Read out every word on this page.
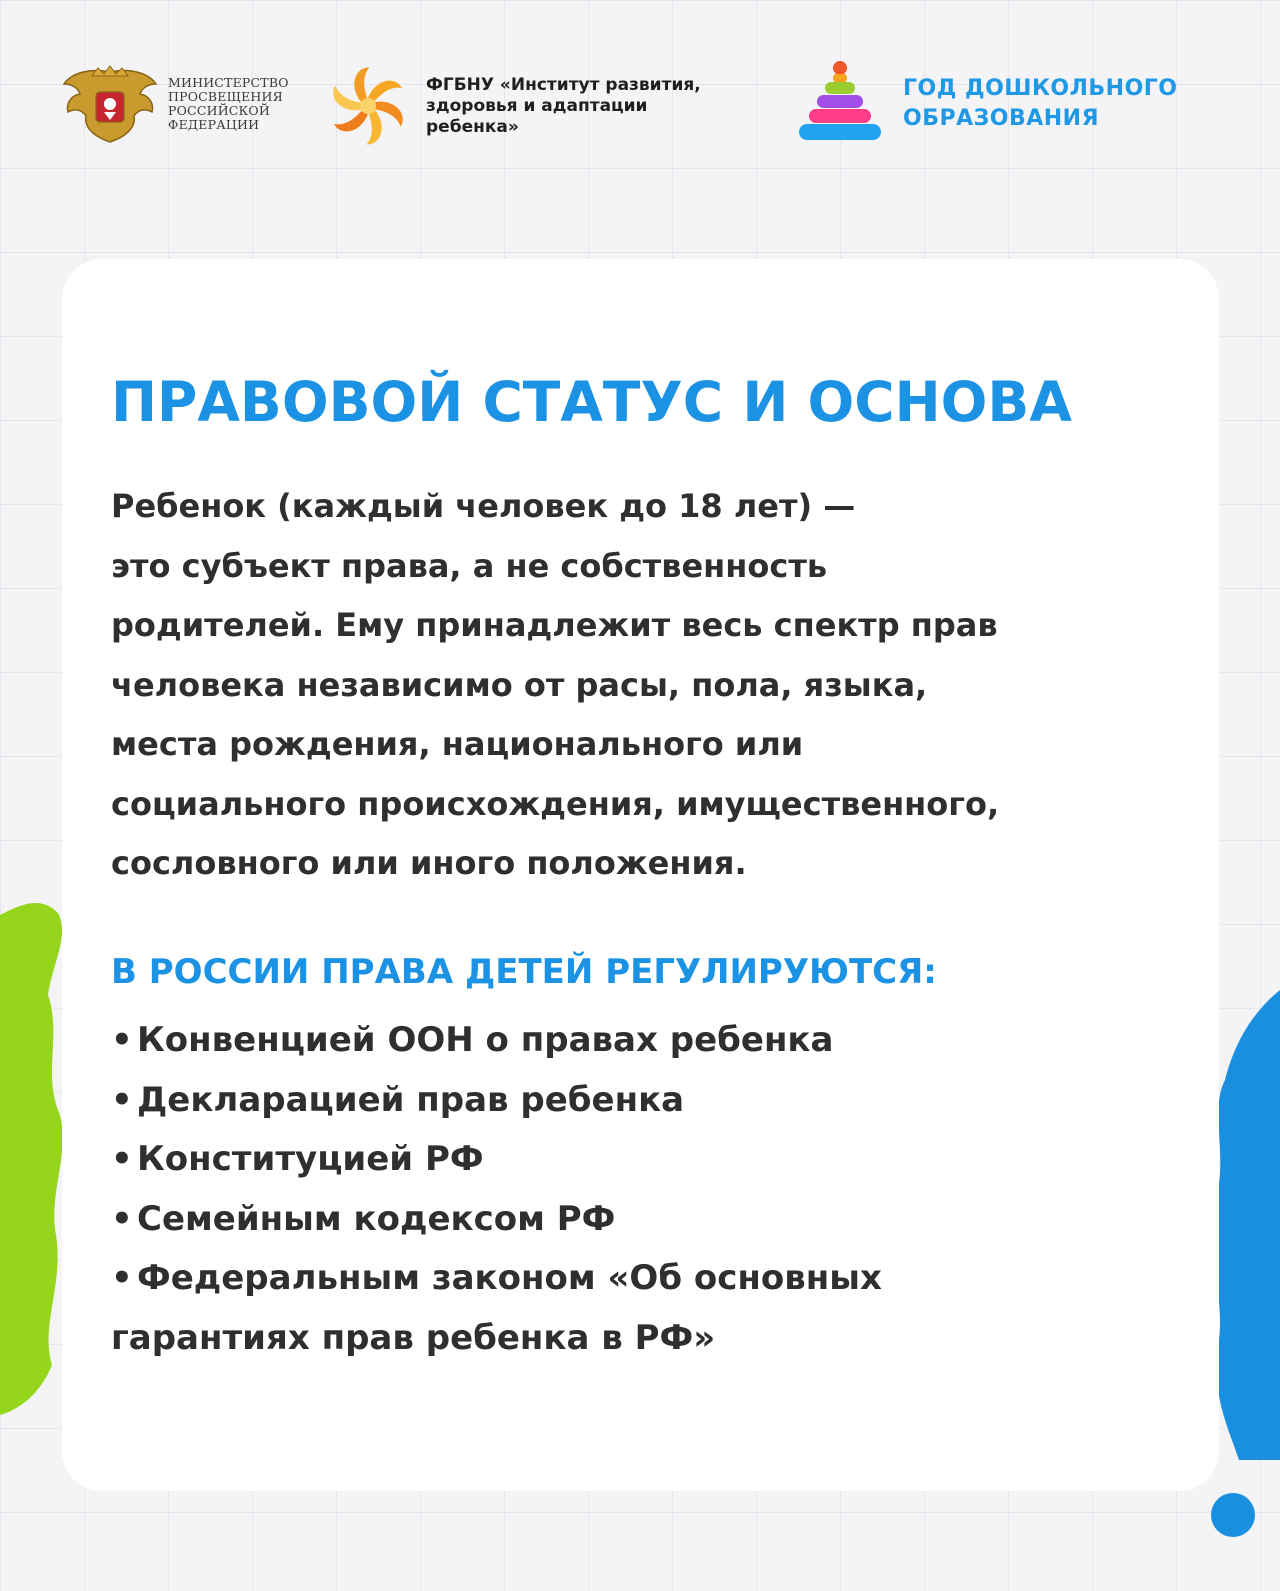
МИНИСТЕРСТВО
ПРОСВЕЩЕНИЯ
РОССИЙСКОЙ
ФЕДЕРАЦИИ
ФГБНУ «Институт развития,
здоровья и адаптации
ребенка»
ГОД ДОШКОЛЬНОГО
ОБРАЗОВАНИЯ
ПРАВОВОЙ СТАТУС И ОСНОВА

Ребенок (каждый человек до 18 лет) —
это субъект права, а не собственность
родителей. Ему принадлежит весь спектр прав
человека независимо от расы, пола, языка,
места рождения, национального или
социального происхождения, имущественного,
сословного или иного положения.

В РОССИИ ПРАВА ДЕТЕЙ РЕГУЛИРУЮТСЯ:
• Конвенцией ООН о правах ребенка
• Декларацией прав ребенка
• Конституцией РФ
• Семейным кодексом РФ
• Федеральным законом «Об основных
гарантиях прав ребенка в РФ»
